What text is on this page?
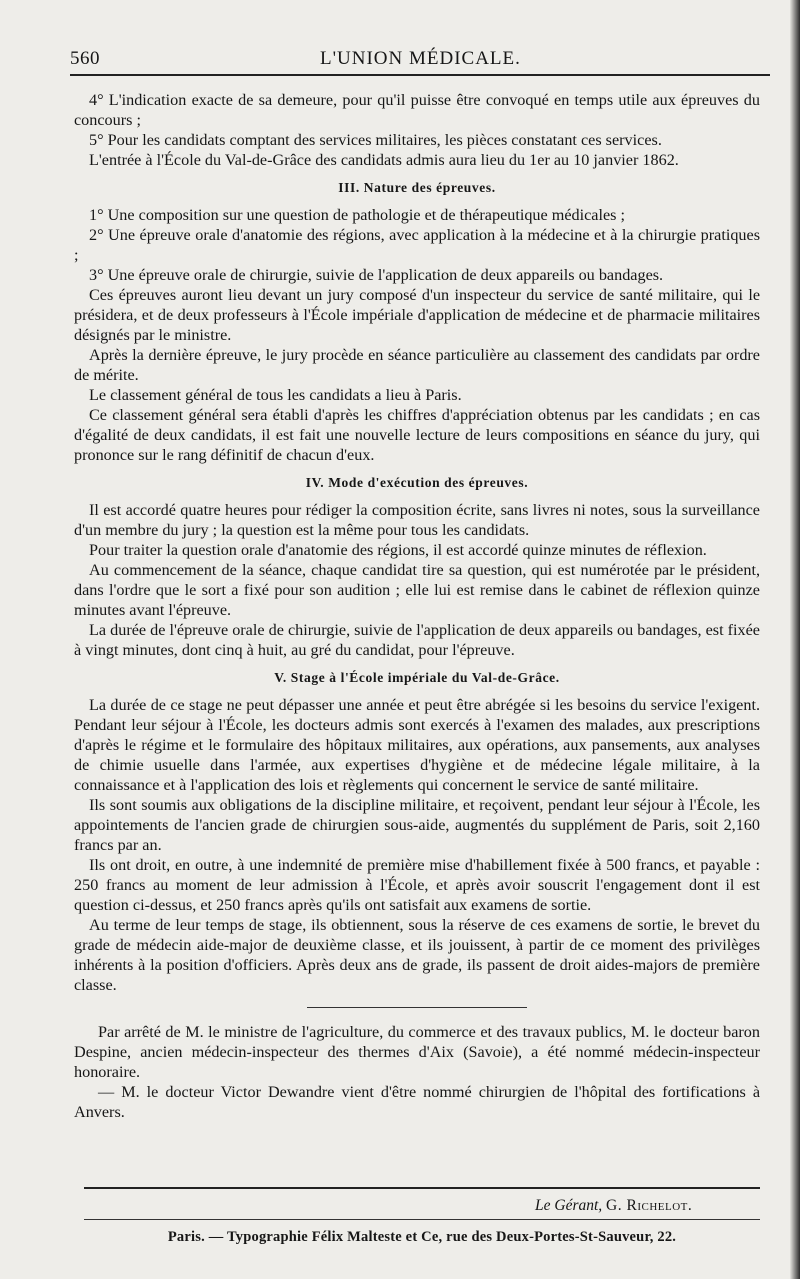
560	L'UNION MÉDICALE.

4° L'indication exacte de sa demeure, pour qu'il puisse être convoqué en temps utile aux épreuves du concours ;

5° Pour les candidats comptant des services militaires, les pièces constatant ces services.

L'entrée à l'École du Val-de-Grâce des candidats admis aura lieu du 1er au 10 janvier 1862.

III. Nature des épreuves.

1° Une composition sur une question de pathologie et de thérapeutique médicales ;

2° Une épreuve orale d'anatomie des régions, avec application à la médecine et à la chirurgie pratiques ;

3° Une épreuve orale de chirurgie, suivie de l'application de deux appareils ou bandages.

Ces épreuves auront lieu devant un jury composé d'un inspecteur du service de santé militaire, qui le présidera, et de deux professeurs à l'École impériale d'application de médecine et de pharmacie militaires désignés par le ministre.

Après la dernière épreuve, le jury procède en séance particulière au classement des candidats par ordre de mérite.

Le classement général de tous les candidats a lieu à Paris.

Ce classement général sera établi d'après les chiffres d'appréciation obtenus par les candidats ; en cas d'égalité de deux candidats, il est fait une nouvelle lecture de leurs compositions en séance du jury, qui prononce sur le rang définitif de chacun d'eux.

IV. Mode d'exécution des épreuves.

Il est accordé quatre heures pour rédiger la composition écrite, sans livres ni notes, sous la surveillance d'un membre du jury ; la question est la même pour tous les candidats.

Pour traiter la question orale d'anatomie des régions, il est accordé quinze minutes de réflexion.

Au commencement de la séance, chaque candidat tire sa question, qui est numérotée par le président, dans l'ordre que le sort a fixé pour son audition ; elle lui est remise dans le cabinet de réflexion quinze minutes avant l'épreuve.

La durée de l'épreuve orale de chirurgie, suivie de l'application de deux appareils ou bandages, est fixée à vingt minutes, dont cinq à huit, au gré du candidat, pour l'épreuve.

V. Stage à l'École impériale du Val-de-Grâce.

La durée de ce stage ne peut dépasser une année et peut être abrégée si les besoins du service l'exigent. Pendant leur séjour à l'École, les docteurs admis sont exercés à l'examen des malades, aux prescriptions d'après le régime et le formulaire des hôpitaux militaires, aux opérations, aux pansements, aux analyses de chimie usuelle dans l'armée, aux expertises d'hygiène et de médecine légale militaire, à la connaissance et à l'application des lois et règlements qui concernent le service de santé militaire.

Ils sont soumis aux obligations de la discipline militaire, et reçoivent, pendant leur séjour à l'École, les appointements de l'ancien grade de chirurgien sous-aide, augmentés du supplément de Paris, soit 2,160 francs par an.

Ils ont droit, en outre, à une indemnité de première mise d'habillement fixée à 500 francs, et payable : 250 francs au moment de leur admission à l'École, et après avoir souscrit l'engagement dont il est question ci-dessus, et 250 francs après qu'ils ont satisfait aux examens de sortie.

Au terme de leur temps de stage, ils obtiennent, sous la réserve de ces examens de sortie, le brevet du grade de médecin aide-major de deuxième classe, et ils jouissent, à partir de ce moment des privilèges inhérents à la position d'officiers. Après deux ans de grade, ils passent de droit aides-majors de première classe.

Par arrêté de M. le ministre de l'agriculture, du commerce et des travaux publics, M. le docteur baron Despine, ancien médecin-inspecteur des thermes d'Aix (Savoie), a été nommé médecin-inspecteur honoraire.

— M. le docteur Victor Dewandre vient d'être nommé chirurgien de l'hôpital des fortifications à Anvers.

Le Gérant, G. Richelot.
Paris. — Typographie Félix Malteste et Ce, rue des Deux-Portes-St-Sauveur, 22.
